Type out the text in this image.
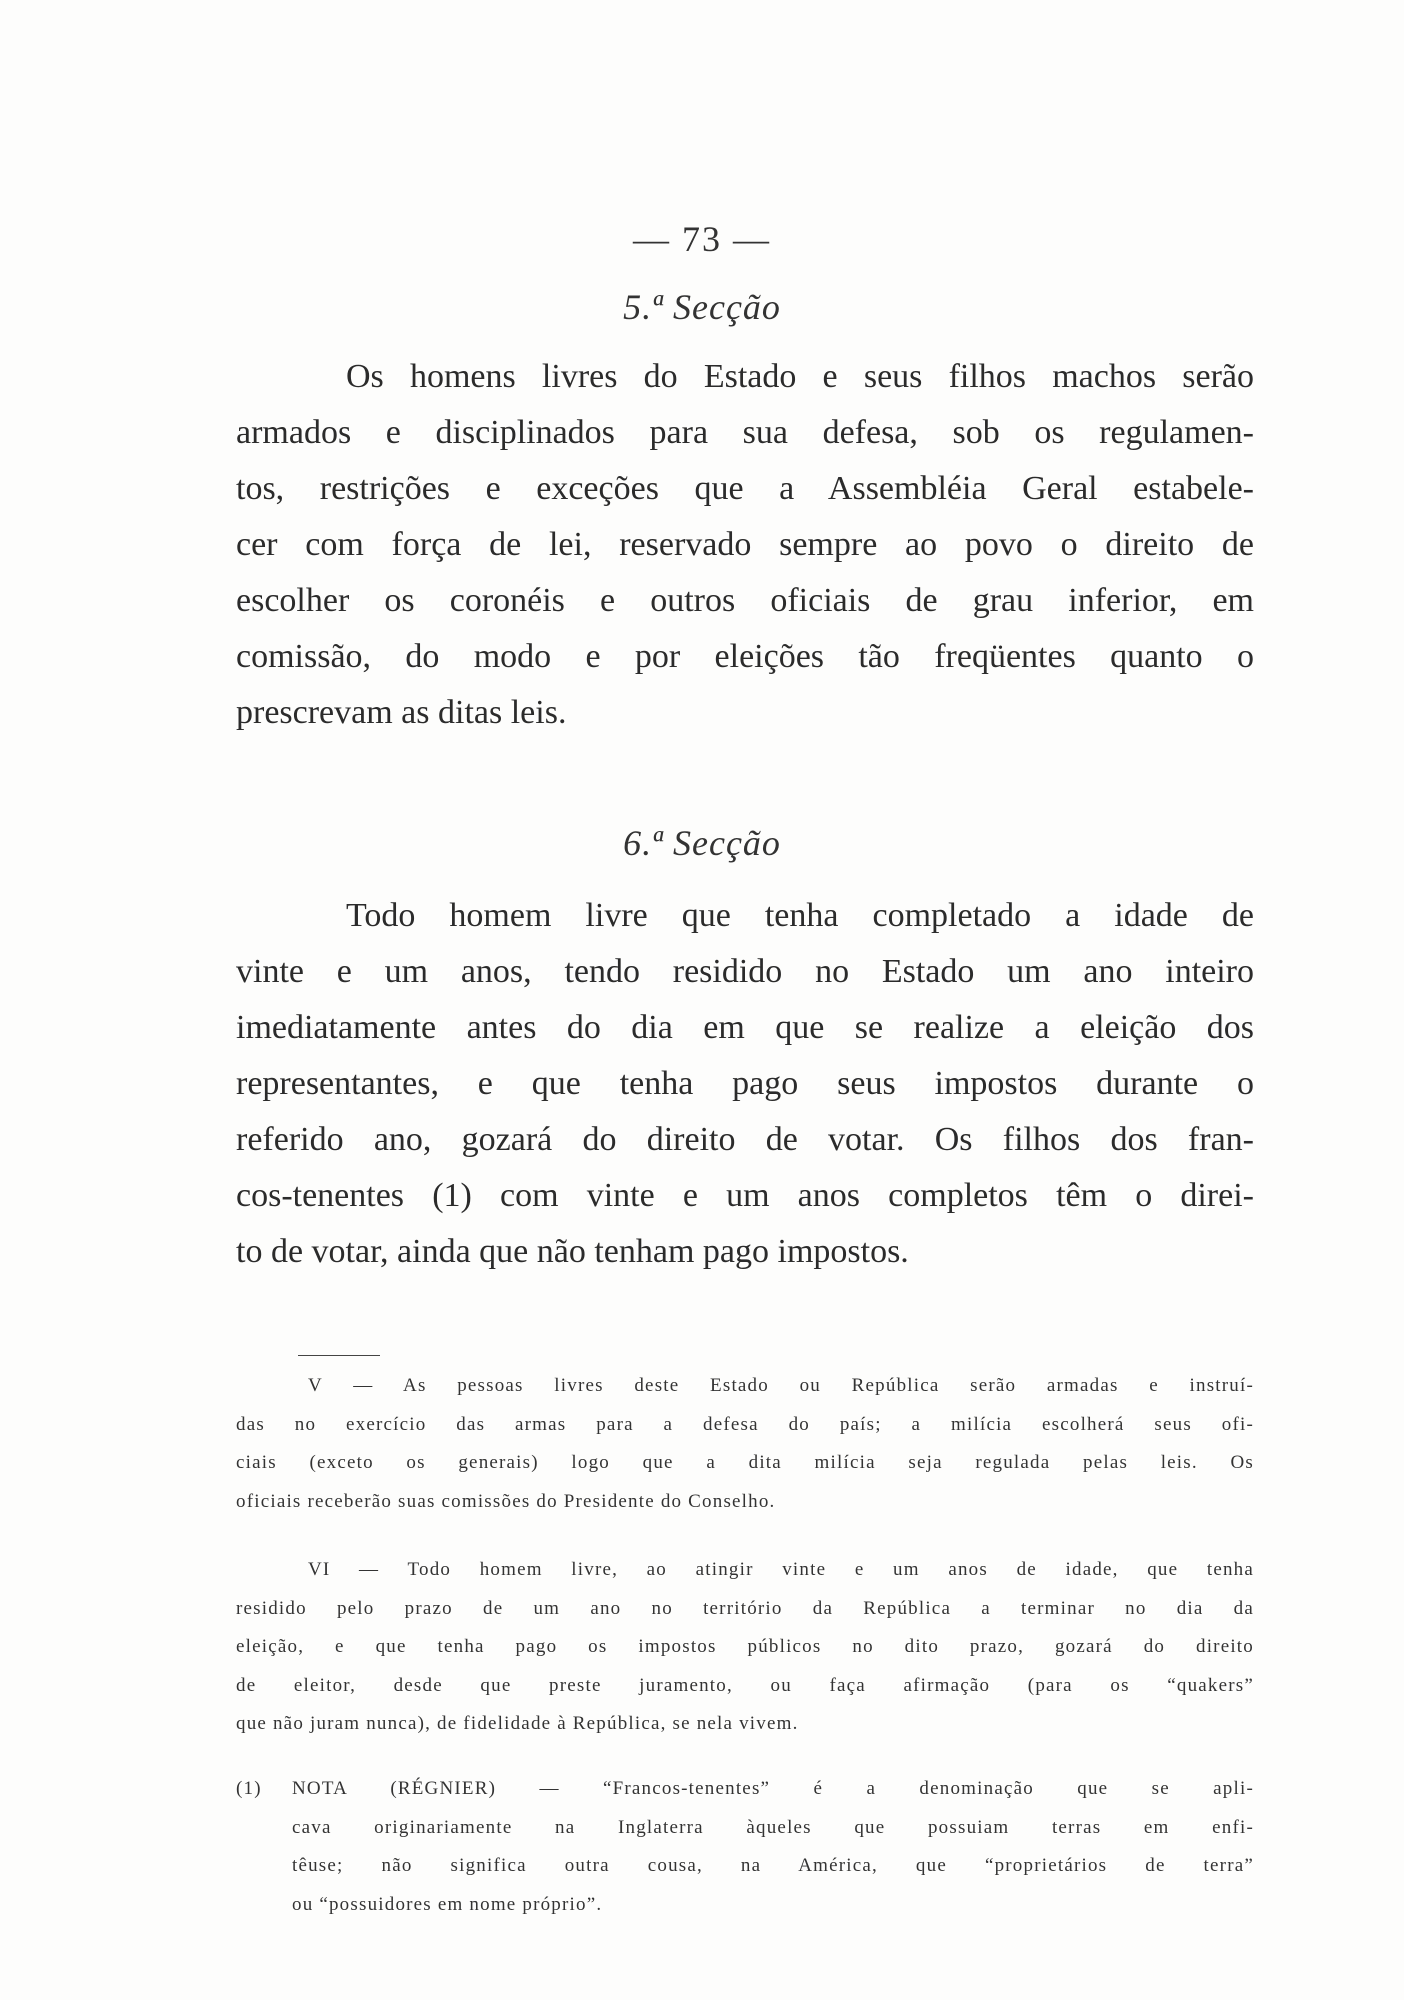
— 73 —
5.ª Secção
Os homens livres do Estado e seus filhos machos serão
armados e disciplinados para sua defesa, sob os regulamen-
tos, restrições e exceções que a Assembléia Geral estabele-
cer com força de lei, reservado sempre ao povo o direito de
escolher os coronéis e outros oficiais de grau inferior, em
comissão, do modo e por eleições tão freqüentes quanto o
prescrevam as ditas leis.
6.ª Secção
Todo homem livre que tenha completado a idade de
vinte e um anos, tendo residido no Estado um ano inteiro
imediatamente antes do dia em que se realize a eleição dos
representantes, e que tenha pago seus impostos durante o
referido ano, gozará do direito de votar. Os filhos dos fran-
cos-tenentes (1) com vinte e um anos completos têm o direi-
to de votar, ainda que não tenham pago impostos.
V — As pessoas livres deste Estado ou República serão armadas e instruí-
das no exercício das armas para a defesa do país; a milícia escolherá seus ofi-
ciais (exceto os generais) logo que a dita milícia seja regulada pelas leis. Os
oficiais receberão suas comissões do Presidente do Conselho.
VI — Todo homem livre, ao atingir vinte e um anos de idade, que tenha
residido pelo prazo de um ano no território da República a terminar no dia da
eleição, e que tenha pago os impostos públicos no dito prazo, gozará do direito
de eleitor, desde que preste juramento, ou faça afirmação (para os “quakers”
que não juram nunca), de fidelidade à República, se nela vivem.
(1) NOTA (RÉGNIER) — “Francos-tenentes” é a denominação que se apli-
cava originariamente na Inglaterra àqueles que possuiam terras em enfi-
têuse; não significa outra cousa, na América, que “proprietários de terra”
ou “possuidores em nome próprio”.
